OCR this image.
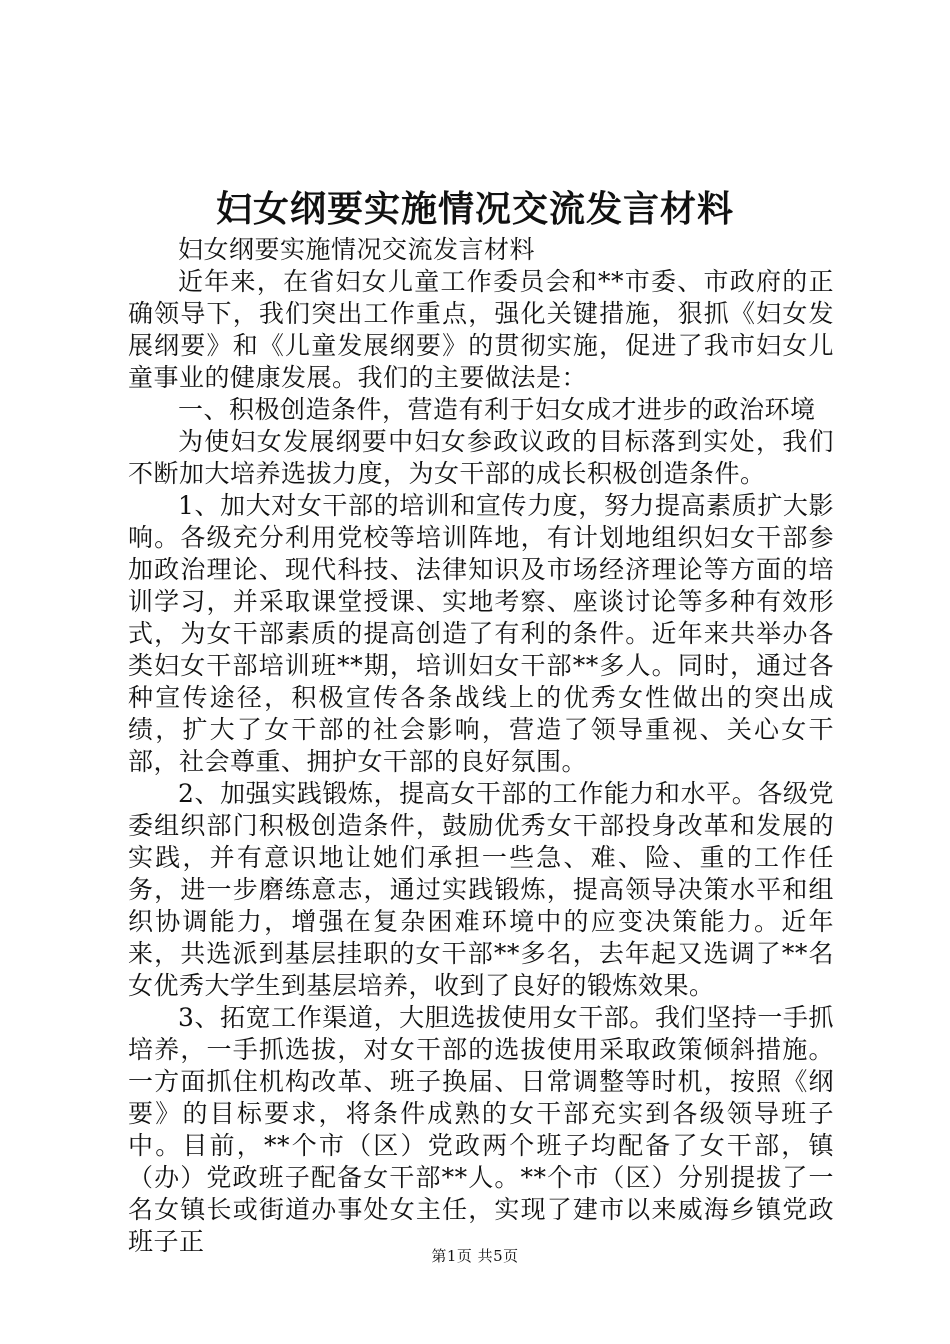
妇女纲要实施情况交流发言材料

妇女纲要实施情况交流发言材料

近年来，在省妇女儿童工作委员会和**市委、市政府的正确领导下，我们突出工作重点，强化关键措施，狠抓《妇女发展纲要》和《儿童发展纲要》的贯彻实施，促进了我市妇女儿童事业的健康发展。我们的主要做法是：

一、积极创造条件，营造有利于妇女成才进步的政治环境

为使妇女发展纲要中妇女参政议政的目标落到实处，我们不断加大培养选拔力度，为女干部的成长积极创造条件。

1、加大对女干部的培训和宣传力度，努力提高素质扩大影响。各级充分利用党校等培训阵地，有计划地组织妇女干部参加政治理论、现代科技、法律知识及市场经济理论等方面的培训学习，并采取课堂授课、实地考察、座谈讨论等多种有效形式，为女干部素质的提高创造了有利的条件。近年来共举办各类妇女干部培训班**期，培训妇女干部**多人。同时，通过各种宣传途径，积极宣传各条战线上的优秀女性做出的突出成绩，扩大了女干部的社会影响，营造了领导重视、关心女干部，社会尊重、拥护女干部的良好氛围。

2、加强实践锻炼，提高女干部的工作能力和水平。各级党委组织部门积极创造条件，鼓励优秀女干部投身改革和发展的实践，并有意识地让她们承担一些急、难、险、重的工作任务，进一步磨练意志，通过实践锻炼，提高领导决策水平和组织协调能力，增强在复杂困难环境中的应变决策能力。近年来，共选派到基层挂职的女干部**多名，去年起又选调了**名女优秀大学生到基层培养，收到了良好的锻炼效果。

3、拓宽工作渠道，大胆选拔使用女干部。我们坚持一手抓培养，一手抓选拔，对女干部的选拔使用采取政策倾斜措施。一方面抓住机构改革、班子换届、日常调整等时机，按照《纲要》的目标要求，将条件成熟的女干部充实到各级领导班子中。目前，**个市（区）党政两个班子均配备了女干部，镇（办）党政班子配备女干部**人。**个市（区）分别提拔了一名女镇长或街道办事处女主任，实现了建市以来威海乡镇党政班子正	第1页 共5页
